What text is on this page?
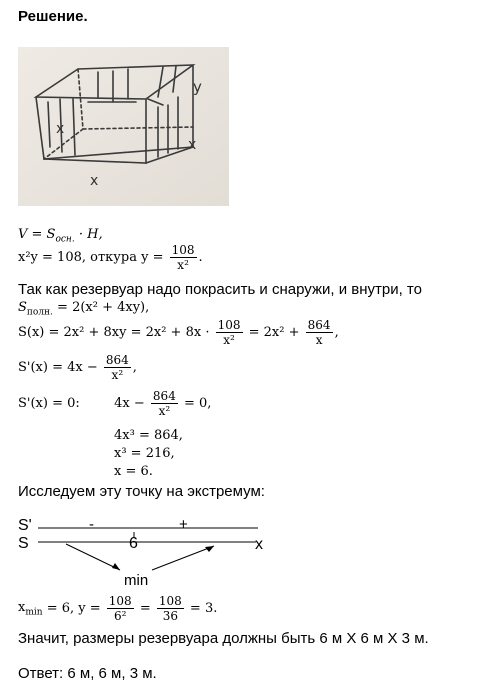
Решение.
y
x
x
x
$V = S_{осн.} \cdot H$,
x²y = 108, откура $y = \frac{108}{\text{x²}}$ .
Так как резервуар надо покрасить и снаружи, и внутри, то
$S_{полн.} = 2(x^2 + 4xy)$,
$S(x) = 2x^2 + 8xy = 2x^2 + 8x \cdot \frac{108}{\text{x²}} = 2x^2 + \frac{864}{x}$ ,
$S'(x) = 4x - \frac{864}{\text{x²}}$ ,
S'(x) = 0:	$4x - \frac{864}{\text{x²}} = 0$,
4x³ = 864,
x³ = 216,
x = 6.
Исследуем эту точку на экстремум:
S'
S
-	+
6	x
min
$x_{min} = 6$, $y = \frac{108}{\text{6²}} = \frac{108}{36} = 3$.
Значит, размеры резервуара должны быть 6 м Х 6 м Х 3 м.
Ответ: 6 м, 6 м, 3 м.
